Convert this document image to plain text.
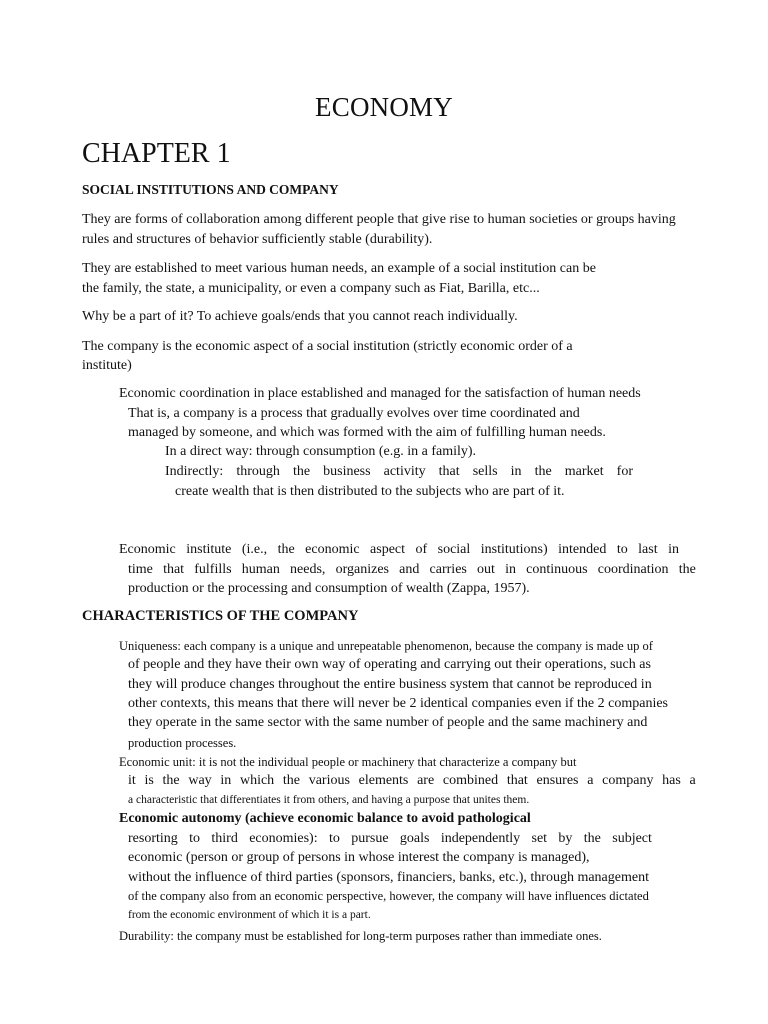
ECONOMY
CHAPTER 1
SOCIAL INSTITUTIONS AND COMPANY
They are forms of collaboration among different people that give rise to human societies or groups having
rules and structures of behavior sufficiently stable (durability).
They are established to meet various human needs, an example of a social institution can be
the family, the state, a municipality, or even a company such as Fiat, Barilla, etc...
Why be a part of it? To achieve goals/ends that you cannot reach individually.
The company is the economic aspect of a social institution (strictly economic order of a
institute)
Economic coordination in place established and managed for the satisfaction of human needs
That is, a company is a process that gradually evolves over time coordinated and
managed by someone, and which was formed with the aim of fulfilling human needs.
In a direct way: through consumption (e.g. in a family).
Indirectly: through the business activity that sells in the market for
create wealth that is then distributed to the subjects who are part of it.
Economic institute (i.e., the economic aspect of social institutions) intended to last in
time that fulfills human needs, organizes and carries out in continuous coordination the
production or the processing and consumption of wealth (Zappa, 1957).
CHARACTERISTICS OF THE COMPANY
Uniqueness: each company is a unique and unrepeatable phenomenon, because the company is made up of
of people and they have their own way of operating and carrying out their operations, such as
they will produce changes throughout the entire business system that cannot be reproduced in
other contexts, this means that there will never be 2 identical companies even if the 2 companies
they operate in the same sector with the same number of people and the same machinery and
production processes.
Economic unit: it is not the individual people or machinery that characterize a company but
it is the way in which the various elements are combined that ensures a company has a
a characteristic that differentiates it from others, and having a purpose that unites them.
Economic autonomy (achieve economic balance to avoid pathological
resorting to third economies): to pursue goals independently set by the subject
economic (person or group of persons in whose interest the company is managed),
without the influence of third parties (sponsors, financiers, banks, etc.), through management
of the company also from an economic perspective, however, the company will have influences dictated
from the economic environment of which it is a part.
Durability: the company must be established for long-term purposes rather than immediate ones.
